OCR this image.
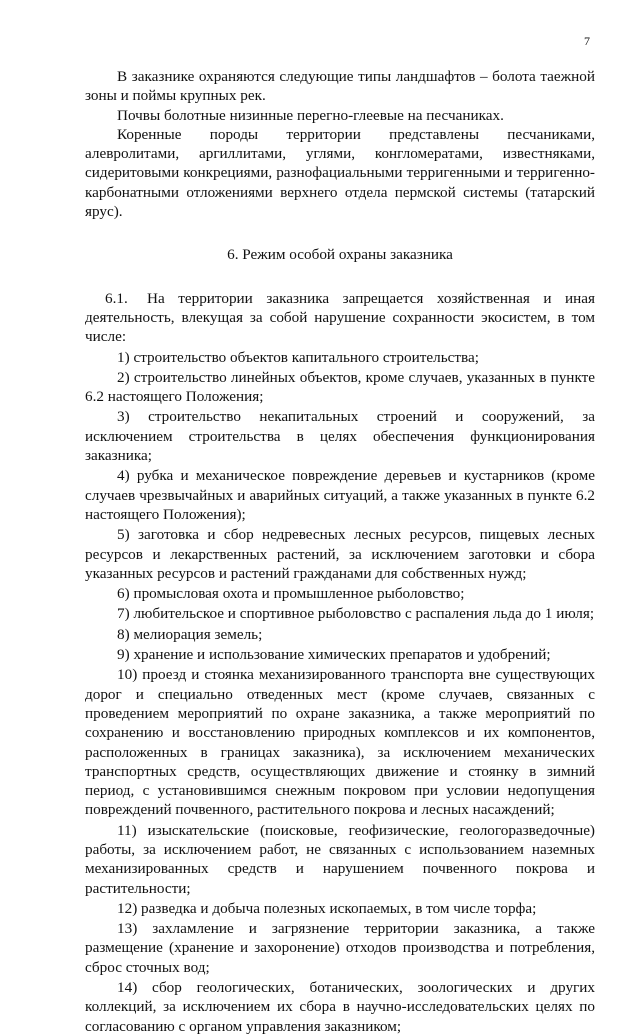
7

В заказнике охраняются следующие типы ландшафтов – болота таежной зоны и поймы крупных рек.

Почвы болотные низинные перегно-глеевые на песчаниках.

Коренные породы территории представлены песчаниками, алевролитами, аргиллитами, углями, конгломератами, известняками, сидеритовыми конкрециями, разнофациальными терригенными и терригенно-карбонатными отложениями верхнего отдела пермской системы (татарский ярус).

6. Режим особой охраны заказника

6.1. На территории заказника запрещается хозяйственная и иная деятельность, влекущая за собой нарушение сохранности экосистем, в том числе:

1) строительство объектов капитального строительства;

2) строительство линейных объектов, кроме случаев, указанных в пункте 6.2 настоящего Положения;

3) строительство некапитальных строений и сооружений, за исключением строительства в целях обеспечения функционирования заказника;

4) рубка и механическое повреждение деревьев и кустарников (кроме случаев чрезвычайных и аварийных ситуаций, а также указанных в пункте 6.2 настоящего Положения);

5) заготовка и сбор недревесных лесных ресурсов, пищевых лесных ресурсов и лекарственных растений, за исключением заготовки и сбора указанных ресурсов и растений гражданами для собственных нужд;

6) промысловая охота и промышленное рыболовство;

7) любительское и спортивное рыболовство с распаления льда до 1 июля;

8) мелиорация земель;

9) хранение и использование химических препаратов и удобрений;

10) проезд и стоянка механизированного транспорта вне существующих дорог и специально отведенных мест (кроме случаев, связанных с проведением мероприятий по охране заказника, а также мероприятий по сохранению и восстановлению природных комплексов и их компонентов, расположенных в границах заказника), за исключением механических транспортных средств, осуществляющих движение и стоянку в зимний период, с установившимся снежным покровом при условии недопущения повреждений почвенного, растительного покрова и лесных насаждений;

11) изыскательские (поисковые, геофизические, геологоразведочные) работы, за исключением работ, не связанных с использованием наземных механизированных средств и нарушением почвенного покрова и растительности;

12) разведка и добыча полезных ископаемых, в том числе торфа;

13) захламление и загрязнение территории заказника, а также размещение (хранение и захоронение) отходов производства и потребления, сброс сточных вод;

14) сбор геологических, ботанических, зоологических и других коллекций, за исключением их сбора в научно-исследовательских целях по согласованию с органом управления заказником;
